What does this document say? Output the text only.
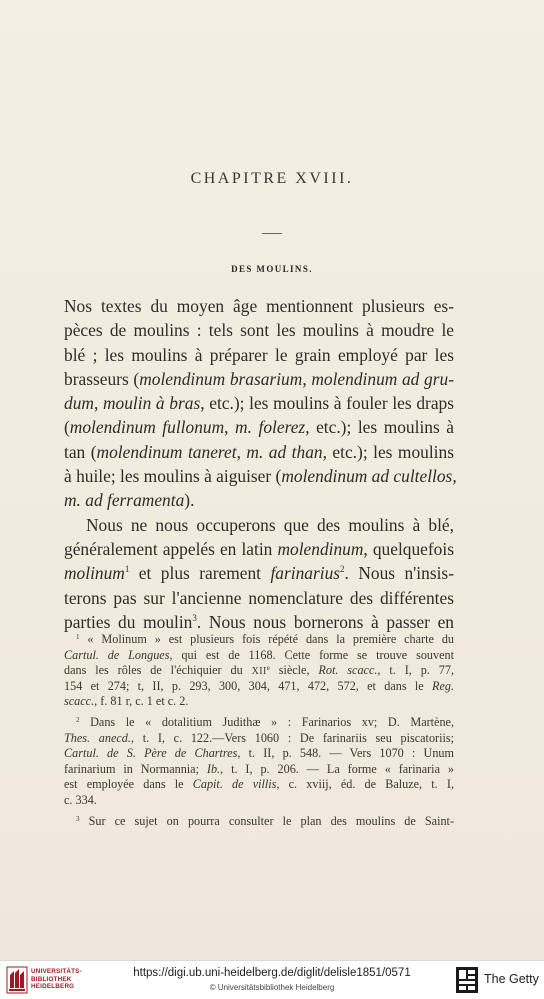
CHAPITRE XVIII.
DES MOULINS.
Nos textes du moyen âge mentionnent plusieurs es-
pèces de moulins : tels sont les moulins à moudre le
blé ; les moulins à préparer le grain employé par les
brasseurs (molendinum brasarium, molendinum ad gru-
dum, moulin à bras, etc.); les moulins à fouler les draps
(molendinum fullonum, m. folerez, etc.); les moulins à
tan (molendinum taneret, m. ad than, etc.); les moulins
à huile; les moulins à aiguiser (molendinum ad cultellos,
m. ad ferramenta).
Nous ne nous occuperons que des moulins à blé,
généralement appelés en latin molendinum, quelquefois
molinum$^1$ et plus rarement farinarius$^2$. Nous n'insis-
terons pas sur l'ancienne nomenclature des différentes
parties du moulin$^3$. Nous nous bornerons à passer en
$^1$ « Molinum » est plusieurs fois répété dans la première charte du
Cartul. de Longues, qui est de 1168. Cette forme se trouve souvent
dans les rôles de l'échiquier du XIIe siècle, Rot. scacc., t. I, p. 77,
154 et 274; t, II, p. 293, 300, 304, 471, 472, 572, et dans le Reg.
scacc., f. 81 r, c. 1 et c. 2.
$^2$ Dans le « dotalitium Judithæ » : Farinarios xv; D. Martène,
Thes. anecd., t. I, c. 122.—Vers 1060 : De farinariis seu piscatoriis;
Cartul. de S. Père de Chartres, t. II, p. 548. — Vers 1070 : Unum
farinarium in Normannia; Ib., t. I, p. 206. — La forme « farinaria »
est employée dans le Capit. de villis, c. xviij, éd. de Baluze, t. I,
c. 334.
$^3$ Sur ce sujet on pourra consulter le plan des moulins de Saint-
UNIVERSITÄTS-
BIBLIOTHEK
HEIDELBERG
https://digi.ub.uni-heidelberg.de/diglit/delisle1851/0571
© Universitätsbibliothek Heidelberg
The Getty
